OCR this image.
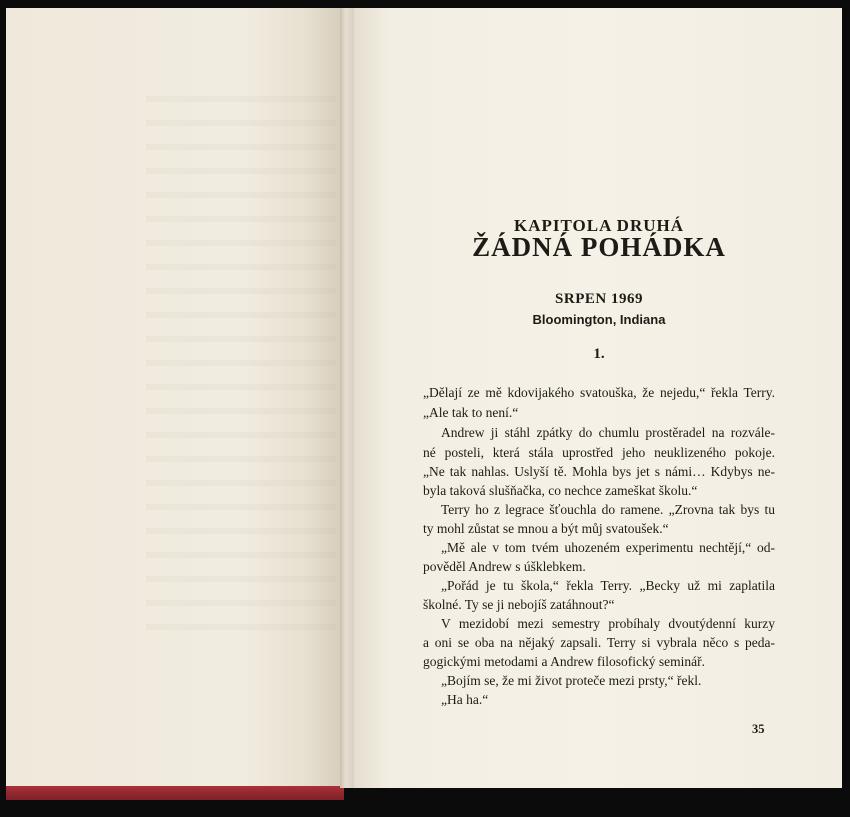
KAPITOLA DRUHÁ
ŽÁDNÁ POHÁDKA
SRPEN 1969
Bloomington, Indiana
1.
„Dělají ze mě kdovijakého svatouška, že nejedu,“ řekla Terry.
„Ale tak to není.“
Andrew ji stáhl zpátky do chumlu prostěradel na rozvále-
né posteli, která stála uprostřed jeho neuklizeného pokoje.
„Ne tak nahlas. Uslyší tě. Mohla bys jet s námi… Kdybys ne-
byla taková slušňačka, co nechce zameškat školu.“
Terry ho z legrace šťouchla do ramene. „Zrovna tak bys tu
ty mohl zůstat se mnou a být můj svatoušek.“
„Mě ale v tom tvém uhozeném experimentu nechtějí,“ od-
pověděl Andrew s úšklebkem.
„Pořád je tu škola,“ řekla Terry. „Becky už mi zaplatila
školné. Ty se ji nebojíš zatáhnout?“
V mezidobí mezi semestry probíhaly dvoutýdenní kurzy
a oni se oba na nějaký zapsali. Terry si vybrala něco s peda-
gogickými metodami a Andrew filosofický seminář.
„Bojím se, že mi život proteče mezi prsty,“ řekl.
„Ha ha.“
35
